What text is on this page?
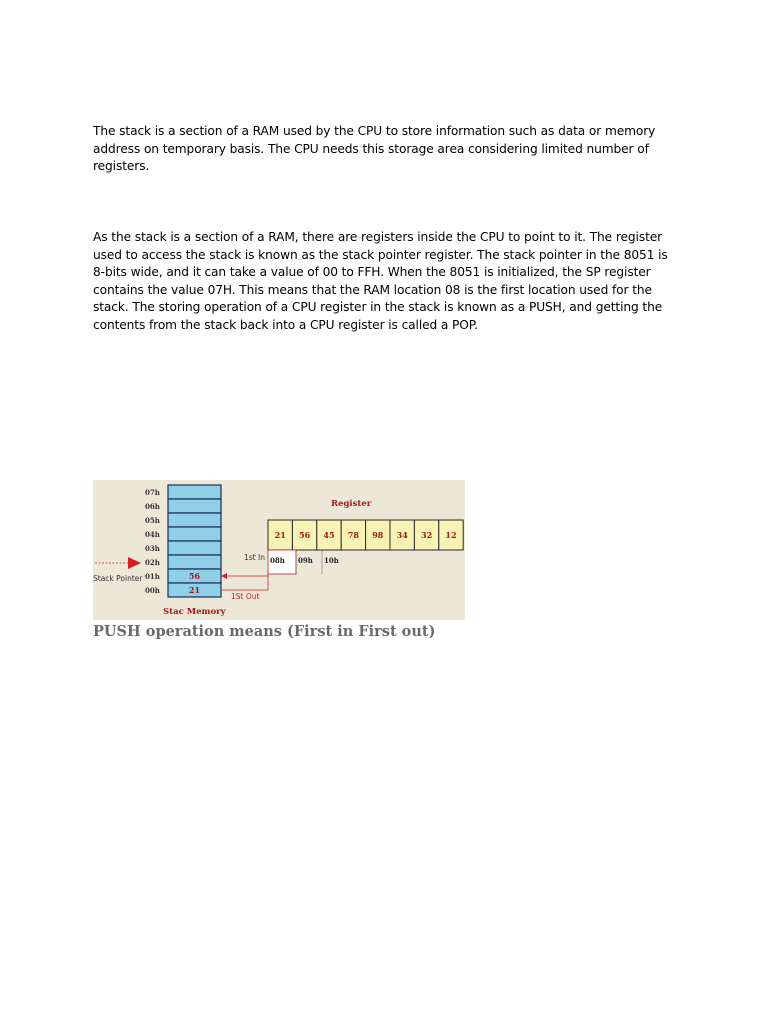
The stack is a section of a RAM used by the CPU to store information such as data or memory address on temporary basis. The CPU needs this storage area considering limited number of registers.

As the stack is a section of a RAM, there are registers inside the CPU to point to it. The register used to access the stack is known as the stack pointer register. The stack pointer in the 8051 is 8-bits wide, and it can take a value of 00 to FFH. When the 8051 is initialized, the SP register contains the value 07H. This means that the RAM location 08 is the first location used for the stack. The storing operation of a CPU register in the stack is known as a PUSH, and getting the contents from the stack back into a CPU register is called a POP.

07h
06h
05h
04h
03h
02h
01h
00h
56
21
Stac Memory
Stack Pointer
Register
21 56 45 78 98 34 32 12
08h 09h 10h
1st In
1St Out

PUSH operation means (First in First out)
